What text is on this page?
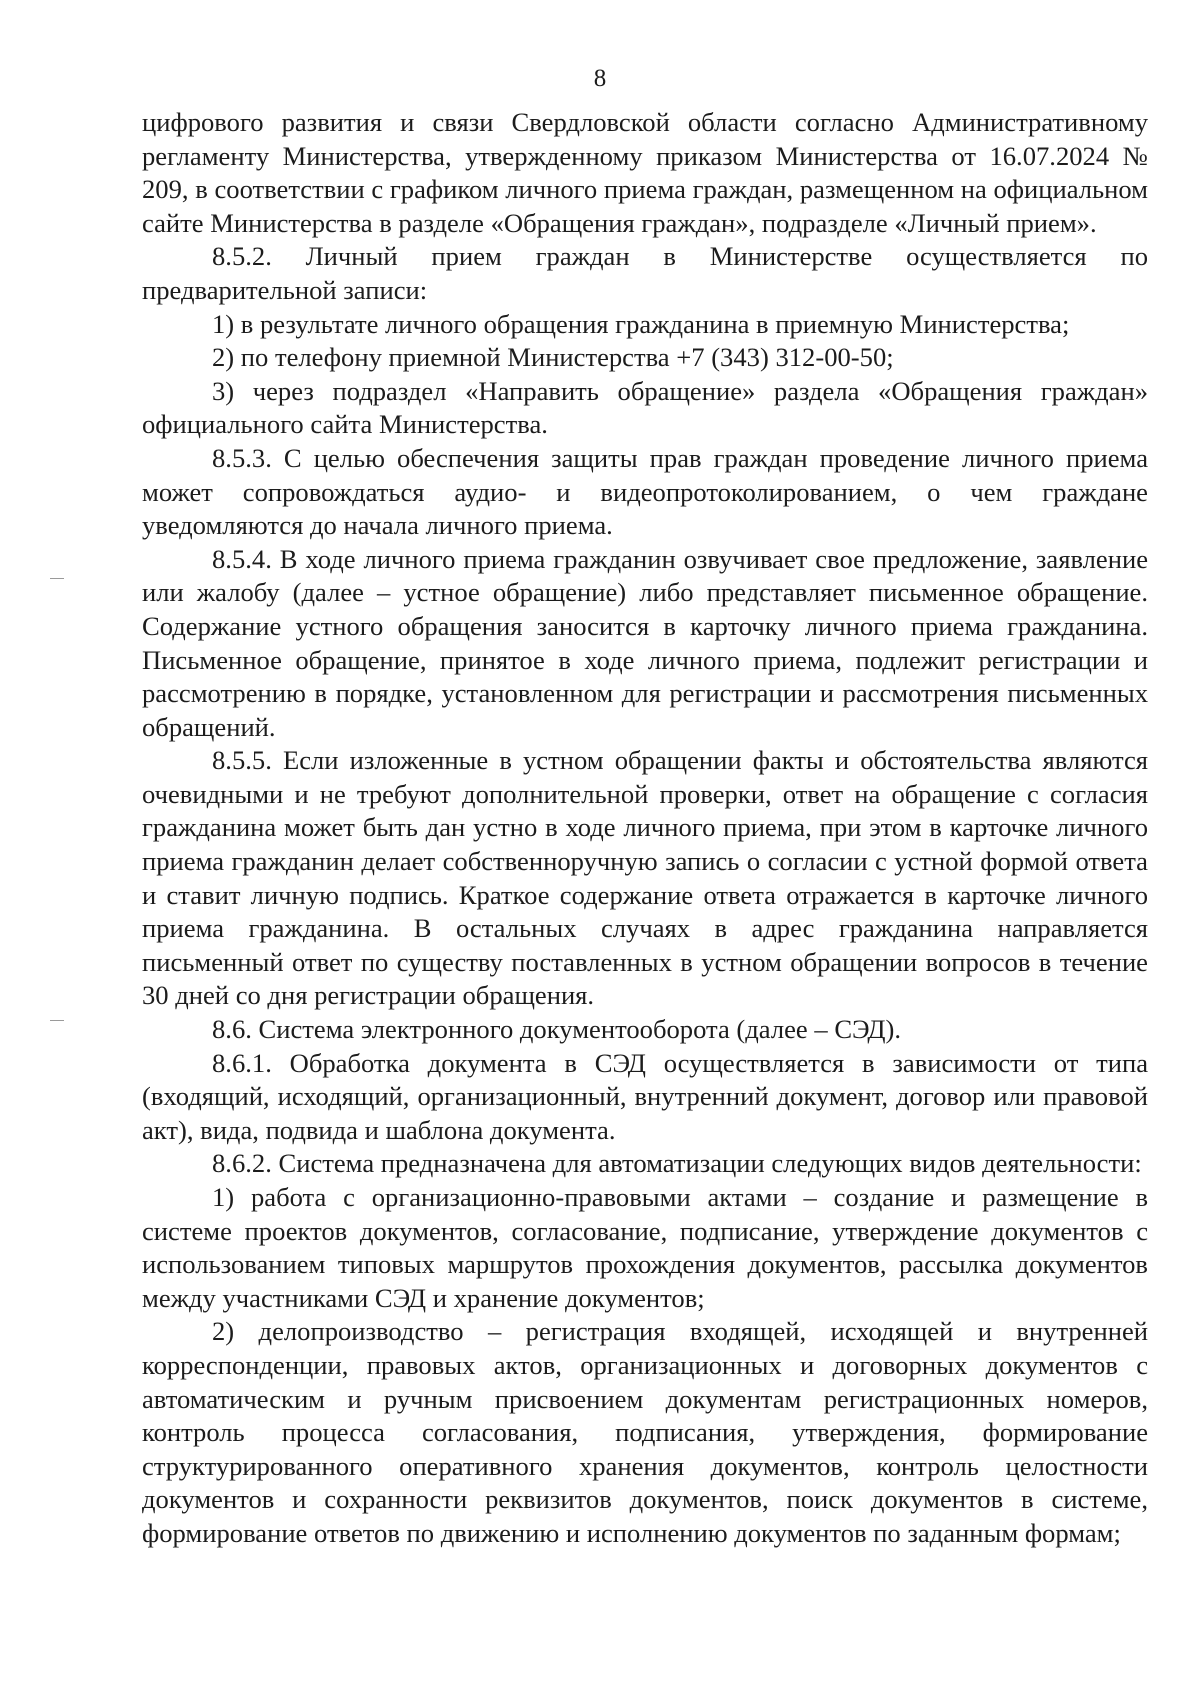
8

цифрового развития и связи Свердловской области согласно Административному регламенту Министерства, утвержденному приказом Министерства от 16.07.2024 № 209, в соответствии с графиком личного приема граждан, размещенном на официальном сайте Министерства в разделе «Обращения граждан», подразделе «Личный прием».

8.5.2. Личный прием граждан в Министерстве осуществляется по предварительной записи:

1) в результате личного обращения гражданина в приемную Министерства;

2) по телефону приемной Министерства +7 (343) 312-00-50;

3) через подраздел «Направить обращение» раздела «Обращения граждан» официального сайта Министерства.

8.5.3. С целью обеспечения защиты прав граждан проведение личного приема может сопровождаться аудио- и видеопротоколированием, о чем граждане уведомляются до начала личного приема.

8.5.4. В ходе личного приема гражданин озвучивает свое предложение, заявление или жалобу (далее – устное обращение) либо представляет письменное обращение. Содержание устного обращения заносится в карточку личного приема гражданина. Письменное обращение, принятое в ходе личного приема, подлежит регистрации и рассмотрению в порядке, установленном для регистрации и рассмотрения письменных обращений.

8.5.5. Если изложенные в устном обращении факты и обстоятельства являются очевидными и не требуют дополнительной проверки, ответ на обращение с согласия гражданина может быть дан устно в ходе личного приема, при этом в карточке личного приема гражданин делает собственноручную запись о согласии с устной формой ответа и ставит личную подпись. Краткое содержание ответа отражается в карточке личного приема гражданина. В остальных случаях в адрес гражданина направляется письменный ответ по существу поставленных в устном обращении вопросов в течение 30 дней со дня регистрации обращения.

8.6. Система электронного документооборота (далее – СЭД).

8.6.1. Обработка документа в СЭД осуществляется в зависимости от типа (входящий, исходящий, организационный, внутренний документ, договор или правовой акт), вида, подвида и шаблона документа.

8.6.2. Система предназначена для автоматизации следующих видов деятельности:

1) работа с организационно-правовыми актами – создание и размещение в системе проектов документов, согласование, подписание, утверждение документов с использованием типовых маршрутов прохождения документов, рассылка документов между участниками СЭД и хранение документов;

2) делопроизводство – регистрация входящей, исходящей и внутренней корреспонденции, правовых актов, организационных и договорных документов с автоматическим и ручным присвоением документам регистрационных номеров, контроль процесса согласования, подписания, утверждения, формирование структурированного оперативного хранения документов, контроль целостности документов и сохранности реквизитов документов, поиск документов в системе, формирование ответов по движению и исполнению документов по заданным формам;
